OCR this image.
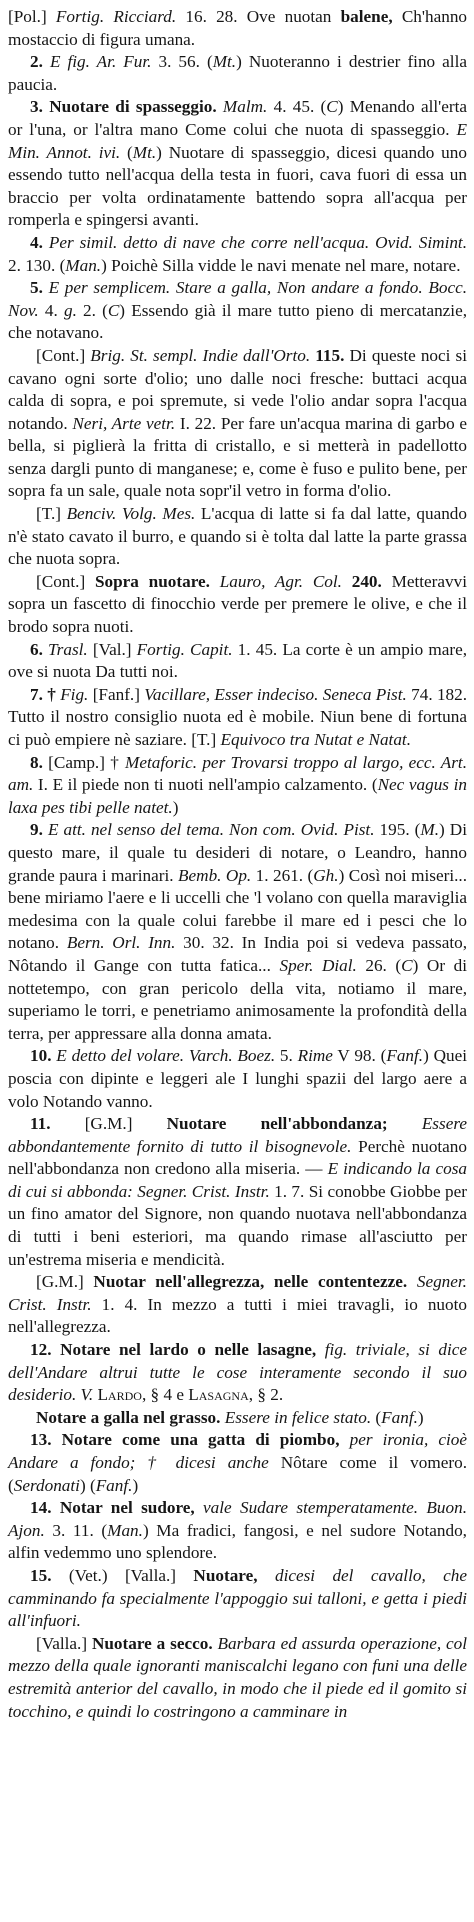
[Pol.] Fortig. Ricciard. 16. 28. Ove nuotan balene, Ch'hanno mostaccio di figura umana.

2. E fig. Ar. Fur. 3. 56. (Mt.) Nuoteranno i destrier fino alla paucia.

3. Nuotare di spasseggio. Malm. 4. 45. (C) Menando all'erta or l'una, or l'altra mano Come colui che nuota di spasseggio. E Min. Annot. ivi. (Mt.) Nuotare di spasseggio, dicesi quando uno essendo tutto nell'acqua della testa in fuori, cava fuori di essa un braccio per volta ordinatamente battendo sopra all'acqua per romperla e spingersi avanti.

4. Per simil. detto di nave che corre nell'acqua. Ovid. Simint. 2. 130. (Man.) Poichè Silla vidde le navi menate nel mare, notare.

5. E per semplicem. Stare a galla, Non andare a fondo. Bocc. Nov. 4. g. 2. (C) Essendo già il mare tutto pieno di mercatanzie, che notavano.

[Cont.] Brig. St. sempl. Indie dall'Orto. 115. Di queste noci si cavano ogni sorte d'olio; uno dalle noci fresche: buttaci acqua calda di sopra, e poi spremute, si vede l'olio andar sopra l'acqua notando. Neri, Arte vetr. I. 22. Per fare un'acqua marina di garbo e bella, si piglierà la fritta di cristallo, e si metterà in padellotto senza dargli punto di manganese; e, come è fuso e pulito bene, per sopra fa un sale, quale nota sopr'il vetro in forma d'olio.

[T.] Benciv. Volg. Mes. L'acqua di latte si fa dal latte, quando n'è stato cavato il burro, e quando si è tolta dal latte la parte grassa che nuota sopra.

[Cont.] Sopra nuotare. Lauro, Agr. Col. 240. Metteravvi sopra un fascetto di finocchio verde per premere le olive, e che il brodo sopra nuoti.

6. Trasl. [Val.] Fortig. Capit. 1. 45. La corte è un ampio mare, ove si nuota Da tutti noi.

7. † Fig. [Fanf.] Vacillare, Esser indeciso. Seneca Pist. 74. 182. Tutto il nostro consiglio nuota ed è mobile. Niun bene di fortuna ci può empiere nè saziare. [T.] Equivoco tra Nutat e Natat.

8. [Camp.] † Metaforic. per Trovarsi troppo al largo, ecc. Art. am. I. E il piede non ti nuoti nell'ampio calzamento. (Nec vagus in laxa pes tibi pelle natet.)

9. E att. nel senso del tema. Non com. Ovid. Pist. 195. (M.) Di questo mare, il quale tu desideri di notare, o Leandro, hanno grande paura i marinari. Bemb. Op. 1. 261. (Gh.) Così noi miseri... bene miriamo l'aere e li uccelli che 'l volano con quella maraviglia medesima con la quale colui farebbe il mare ed i pesci che lo notano. Bern. Orl. Inn. 30. 32. In India poi si vedeva passato, Nôtando il Gange con tutta fatica... Sper. Dial. 26. (C) Or di nottetempo, con gran pericolo della vita, notiamo il mare, superiamo le torri, e penetriamo animosamente la profondità della terra, per appressare alla donna amata.

10. E detto del volare. Varch. Boez. 5. Rime V 98. (Fanf.) Quei poscia con dipinte e leggeri ale I lunghi spazii del largo aere a volo Notando vanno.

11. [G.M.] Nuotare nell'abbondanza; Essere abbondantemente fornito di tutto il bisognevole. Perchè nuotano nell'abbondanza non credono alla miseria. — E indicando la cosa di cui si abbonda: Segner. Crist. Instr. 1. 7. Si conobbe Giobbe per un fino amator del Signore, non quando nuotava nell'abbondanza di tutti i beni esteriori, ma quando rimase all'asciutto per un'estrema miseria e mendicità.

[G.M.] Nuotar nell'allegrezza, nelle contentezze. Segner. Crist. Instr. 1. 4. In mezzo a tutti i miei travagli, io nuoto nell'allegrezza.

12. Notare nel lardo o nelle lasagne, fig. triviale, si dice dell'Andare altrui tutte le cose interamente secondo il suo desiderio. V. Lardo, § 4 e Lasagna, § 2.

Notare a galla nel grasso. Essere in felice stato. (Fanf.)

13. Notare come una gatta di piombo, per ironia, cioè Andare a fondo; † dicesi anche Nôtare come il vomero. (Serdonati) (Fanf.)

14. Notar nel sudore, vale Sudare stemperatamente. Buon. Ajon. 3. 11. (Man.) Ma fradici, fangosi, e nel sudore Notando, alfin vedemmo uno splendore.

15. (Vet.) [Valla.] Nuotare, dicesi del cavallo, che camminando fa specialmente l'appoggio sui talloni, e getta i piedi all'infuori.

[Valla.] Nuotare a secco. Barbara ed assurda operazione, col mezzo della quale ignoranti maniscalchi legano con funi una delle estremità anterior del cavallo, in modo che il piede ed il gomito si tocchino, e quindi lo costringono a camminare in
